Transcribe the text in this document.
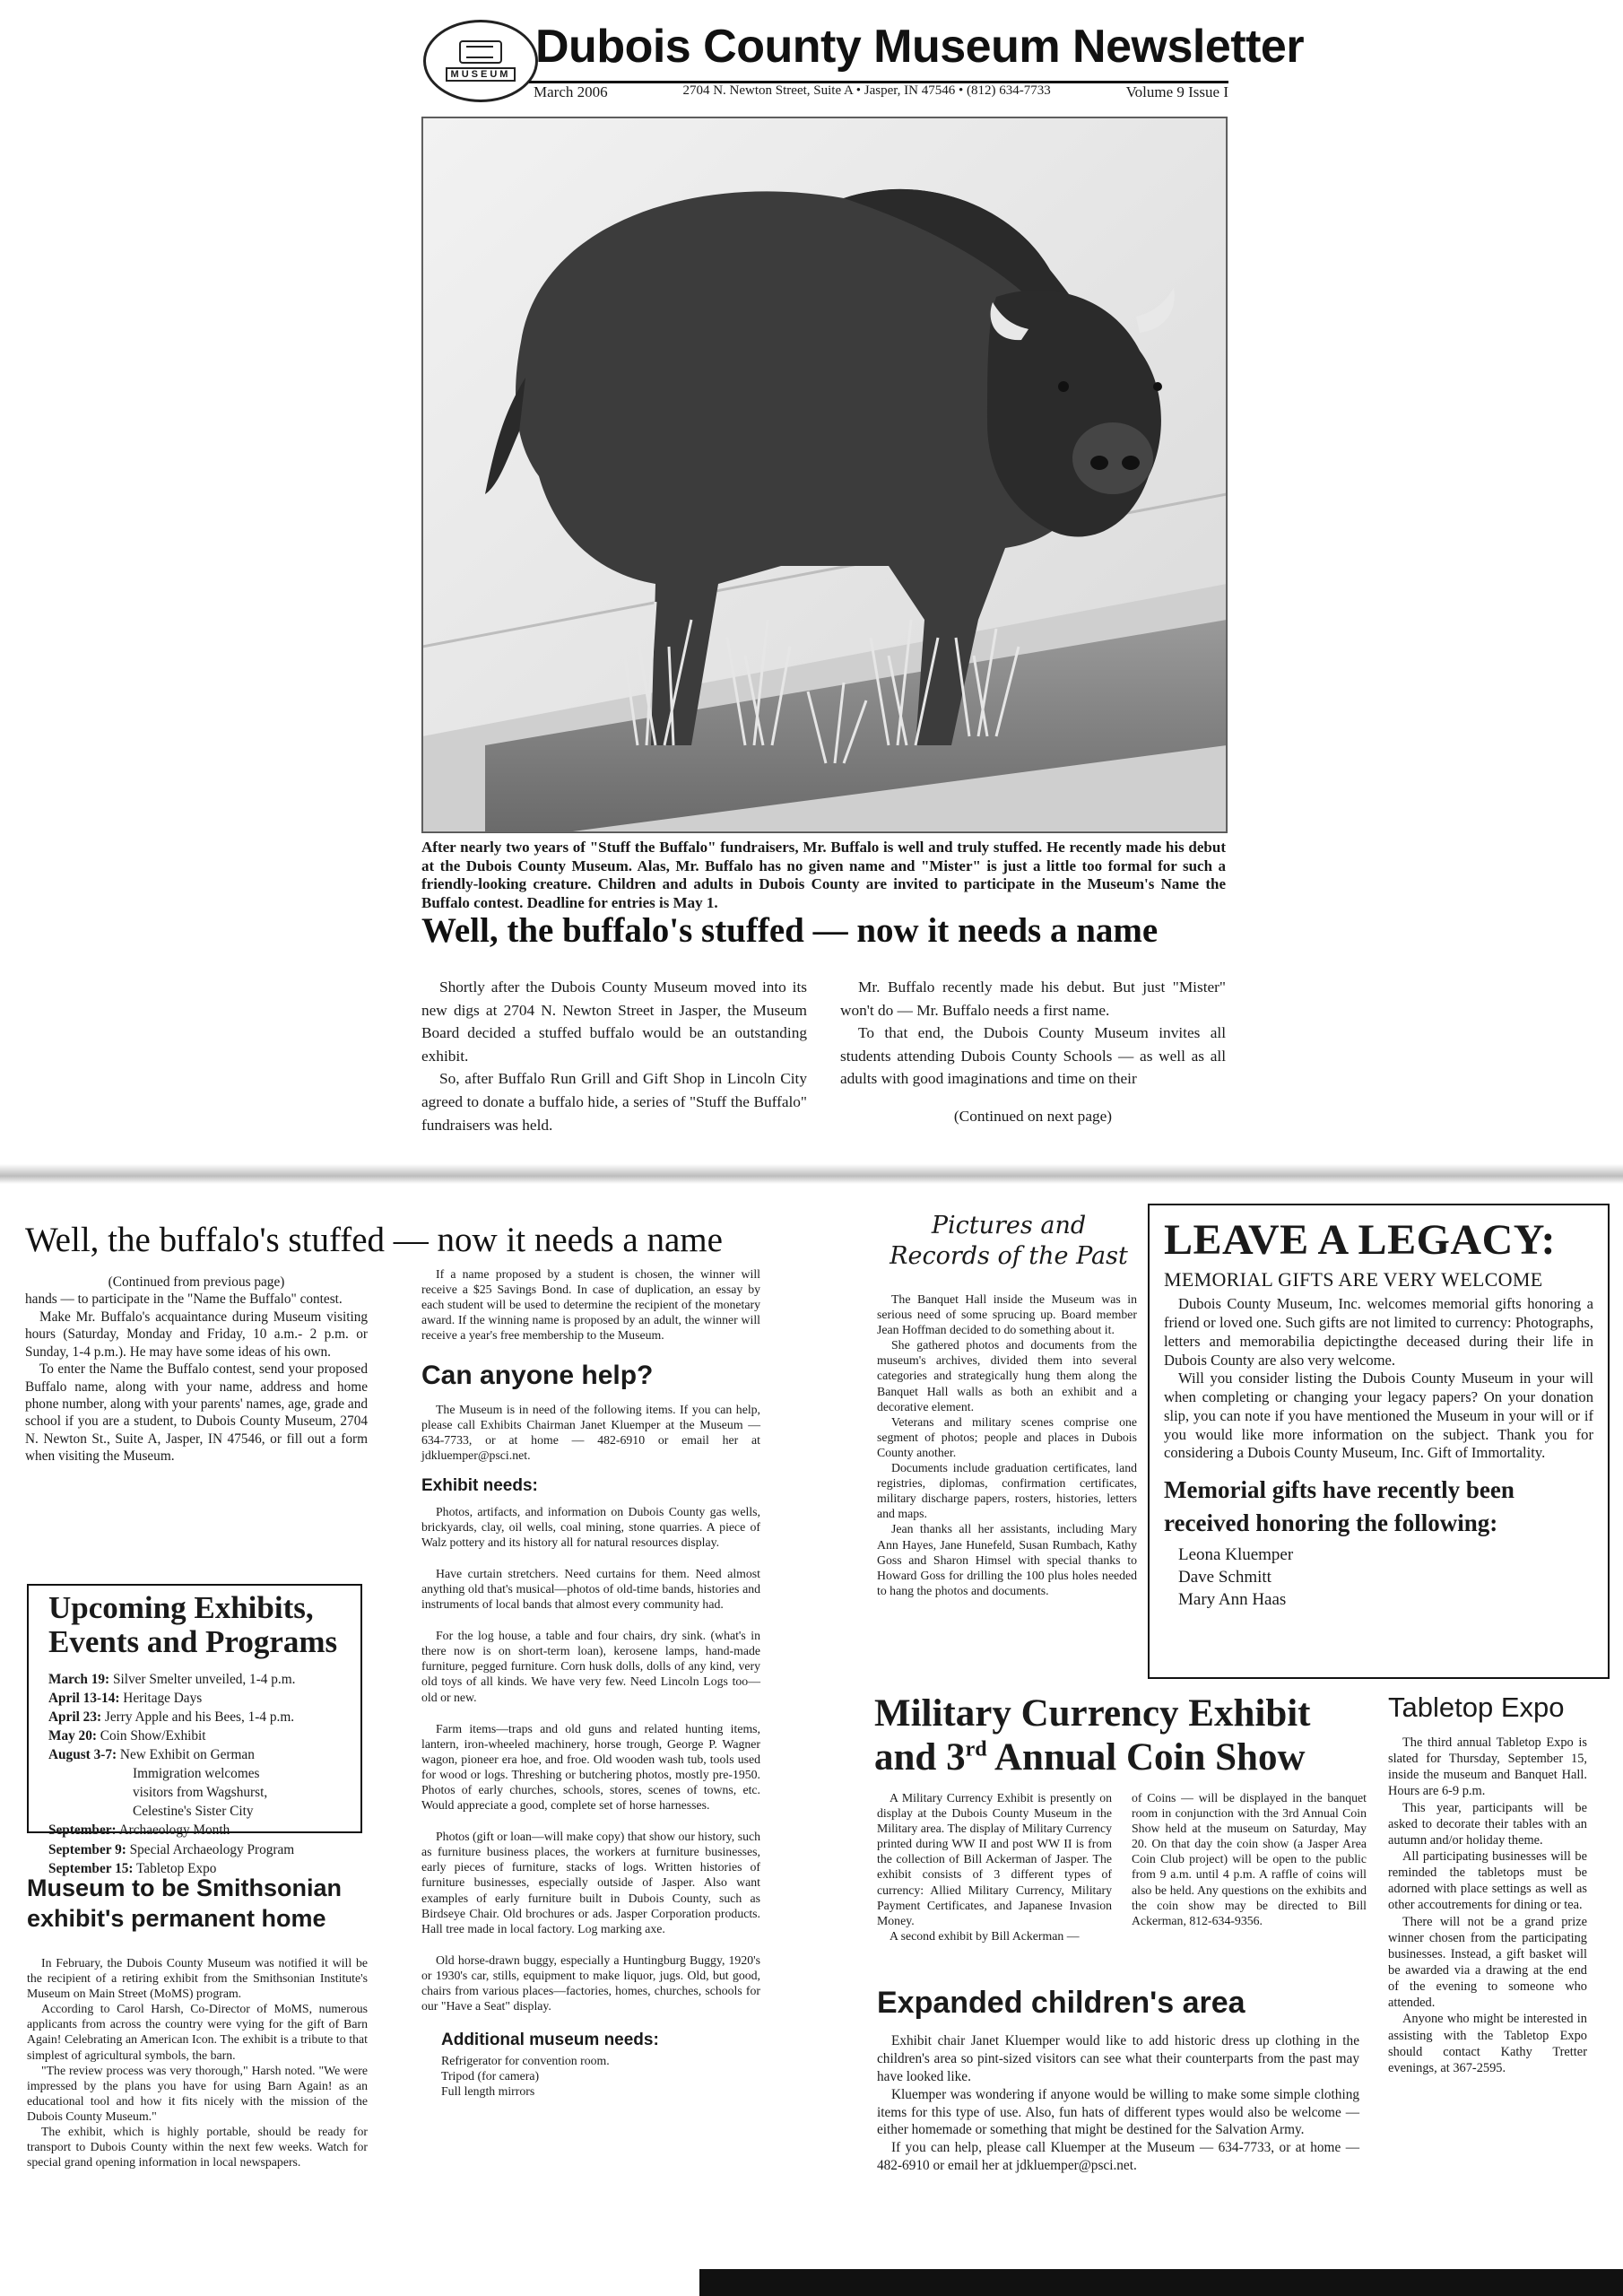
MUSEUM
Dubois County Museum Newsletter
March 2006	2704 N. Newton Street, Suite A • Jasper, IN 47546 • (812) 634-7733	Volume 9 Issue I

After nearly two years of "Stuff the Buffalo" fundraisers, Mr. Buffalo is well and truly stuffed. He recently made his debut at the Dubois County Museum. Alas, Mr. Buffalo has no given name and "Mister" is just a little too formal for such a friendly-looking creature. Children and adults in Dubois County are invited to participate in the Museum's Name the Buffalo contest. Deadline for entries is May 1.

Well, the buffalo's stuffed — now it needs a name

Shortly after the Dubois County Museum moved into its new digs at 2704 N. Newton Street in Jasper, the Museum Board decided a stuffed buffalo would be an outstanding exhibit.

So, after Buffalo Run Grill and Gift Shop in Lincoln City agreed to donate a buffalo hide, a series of "Stuff the Buffalo" fundraisers was held.

Mr. Buffalo recently made his debut. But just "Mister" won't do — Mr. Buffalo needs a first name.

To that end, the Dubois County Museum invites all students attending Dubois County Schools — as well as all adults with good imaginations and time on their

(Continued on next page)

Well, the buffalo's stuffed — now it needs a name

(Continued from previous page)

hands — to participate in the "Name the Buffalo" contest.

Make Mr. Buffalo's acquaintance during Museum visiting hours (Saturday, Monday and Friday, 10 a.m.- 2 p.m. or Sunday, 1-4 p.m.). He may have some ideas of his own.

To enter the Name the Buffalo contest, send your proposed Buffalo name, along with your name, address and home phone number, along with your parents' names, age, grade and school if you are a student, to Dubois County Museum, 2704 N. Newton St., Suite A, Jasper, IN 47546, or fill out a form when visiting the Museum.

Upcoming Exhibits, Events and Programs
March 19: Silver Smelter unveiled, 1-4 p.m.
April 13-14: Heritage Days
April 23: Jerry Apple and his Bees, 1-4 p.m.
May 20: Coin Show/Exhibit
August 3-7: New Exhibit on German
Immigration welcomes
visitors from Wagshurst,
Celestine's Sister City
September: Archaeology Month
September 9: Special Archaeology Program
September 15: Tabletop Expo
Museum to be Smithsonian exhibit's permanent home

In February, the Dubois County Museum was notified it will be the recipient of a retiring exhibit from the Smithsonian Institute's Museum on Main Street (MoMS) program.

According to Carol Harsh, Co-Director of MoMS, numerous applicants from across the country were vying for the gift of Barn Again! Celebrating an American Icon. The exhibit is a tribute to that simplest of agricultural symbols, the barn.

"The review process was very thorough," Harsh noted. "We were impressed by the plans you have for using Barn Again! as an educational tool and how it fits nicely with the mission of the Dubois County Museum."

The exhibit, which is highly portable, should be ready for transport to Dubois County within the next few weeks. Watch for special grand opening information in local newspapers.

If a name proposed by a student is chosen, the winner will receive a $25 Savings Bond. In case of duplication, an essay by each student will be used to determine the recipient of the monetary award. If the winning name is proposed by an adult, the winner will receive a year's free membership to the Museum.

Can anyone help?

The Museum is in need of the following items. If you can help, please call Exhibits Chairman Janet Kluemper at the Museum — 634-7733, or at home — 482-6910 or email her at jdkluemper@psci.net.

Exhibit needs:

Photos, artifacts, and information on Dubois County gas wells, brickyards, clay, oil wells, coal mining, stone quarries. A piece of Walz pottery and its history all for natural resources display.

Have curtain stretchers. Need curtains for them. Need almost anything old that's musical—photos of old-time bands, histories and instruments of local bands that almost every community had.

For the log house, a table and four chairs, dry sink. (what's in there now is on short-term loan), kerosene lamps, hand-made furniture, pegged furniture. Corn husk dolls, dolls of any kind, very old toys of all kinds. We have very few. Need Lincoln Logs too—old or new.

Farm items—traps and old guns and related hunting items, lantern, iron-wheeled machinery, horse trough, George P. Wagner wagon, pioneer era hoe, and froe. Old wooden wash tub, tools used for wood or logs. Threshing or butchering photos, mostly pre-1950. Photos of early churches, schools, stores, scenes of towns, etc. Would appreciate a good, complete set of horse harnesses.

Photos (gift or loan—will make copy) that show our history, such as furniture business places, the workers at furniture businesses, early pieces of furniture, stacks of logs. Written histories of furniture businesses, especially outside of Jasper. Also want examples of early furniture built in Dubois County, such as Birdseye Chair. Old brochures or ads. Jasper Corporation products. Hall tree made in local factory. Log marking axe.

Old horse-drawn buggy, especially a Huntingburg Buggy, 1920's or 1930's car, stills, equipment to make liquor, jugs. Old, but good, chairs from various places—factories, homes, churches, schools for our "Have a Seat" display.

Additional museum needs:
Refrigerator for convention room.
Tripod (for camera)
Full length mirrors
Pictures and
Records of the Past

The Banquet Hall inside the Museum was in serious need of some sprucing up. Board member Jean Hoffman decided to do something about it.

She gathered photos and documents from the museum's archives, divided them into several categories and strategically hung them along the Banquet Hall walls as both an exhibit and a decorative element.

Veterans and military scenes comprise one segment of photos; people and places in Dubois County another.

Documents include graduation certificates, land registries, diplomas, confirmation certificates, military discharge papers, rosters, histories, letters and maps.

Jean thanks all her assistants, including Mary Ann Hayes, Jane Hunefeld, Susan Rumbach, Kathy Goss and Sharon Himsel with special thanks to Howard Goss for drilling the 100 plus holes needed to hang the photos and documents.

LEAVE A LEGACY:
MEMORIAL GIFTS ARE VERY WELCOME

Dubois County Museum, Inc. welcomes memorial gifts honoring a friend or loved one. Such gifts are not limited to currency: Photographs, letters and memorabilia depictingthe deceased during their life in Dubois County are also very welcome.

Will you consider listing the Dubois County Museum in your will when completing or changing your legacy papers? On your donation slip, you can note if you have mentioned the Museum in your will or if you would like more information on the subject. Thank you for considering a Dubois County Museum, Inc. Gift of Immortality.

Memorial gifts have recently been received honoring the following:
Leona Kluemper
Dave Schmitt
Mary Ann Haas
Military Currency Exhibit
and 3rd Annual Coin Show

A Military Currency Exhibit is presently on display at the Dubois County Museum in the Military area. The display of Military Currency printed during WW II and post WW II is from the collection of Bill Ackerman of Jasper. The exhibit consists of 3 different types of currency: Allied Military Currency, Military Payment Certificates, and Japanese Invasion Money.

A second exhibit by Bill Ackerman —

of Coins — will be displayed in the banquet room in conjunction with the 3rd Annual Coin Show held at the museum on Saturday, May 20. On that day the coin show (a Jasper Area Coin Club project) will be open to the public from 9 a.m. until 4 p.m. A raffle of coins will also be held. Any questions on the exhibits and the coin show may be directed to Bill Ackerman, 812-634-9356.

Expanded children's area

Exhibit chair Janet Kluemper would like to add historic dress up clothing in the children's area so pint-sized visitors can see what their counterparts from the past may have looked like.

Kluemper was wondering if anyone would be willing to make some simple clothing items for this type of use. Also, fun hats of different types would also be welcome — either homemade or something that might be destined for the Salvation Army.

If you can help, please call Kluemper at the Museum — 634-7733, or at home — 482-6910 or email her at jdkluemper@psci.net.

Tabletop Expo

The third annual Tabletop Expo is slated for Thursday, September 15, inside the museum and Banquet Hall. Hours are 6-9 p.m.

This year, participants will be asked to decorate their tables with an autumn and/or holiday theme.

All participating businesses will be reminded the tabletops must be adorned with place settings as well as other accoutrements for dining or tea.

There will not be a grand prize winner chosen from the participating businesses. Instead, a gift basket will be awarded via a drawing at the end of the evening to someone who attended.

Anyone who might be interested in assisting with the Tabletop Expo should contact Kathy Tretter evenings, at 367-2595.
